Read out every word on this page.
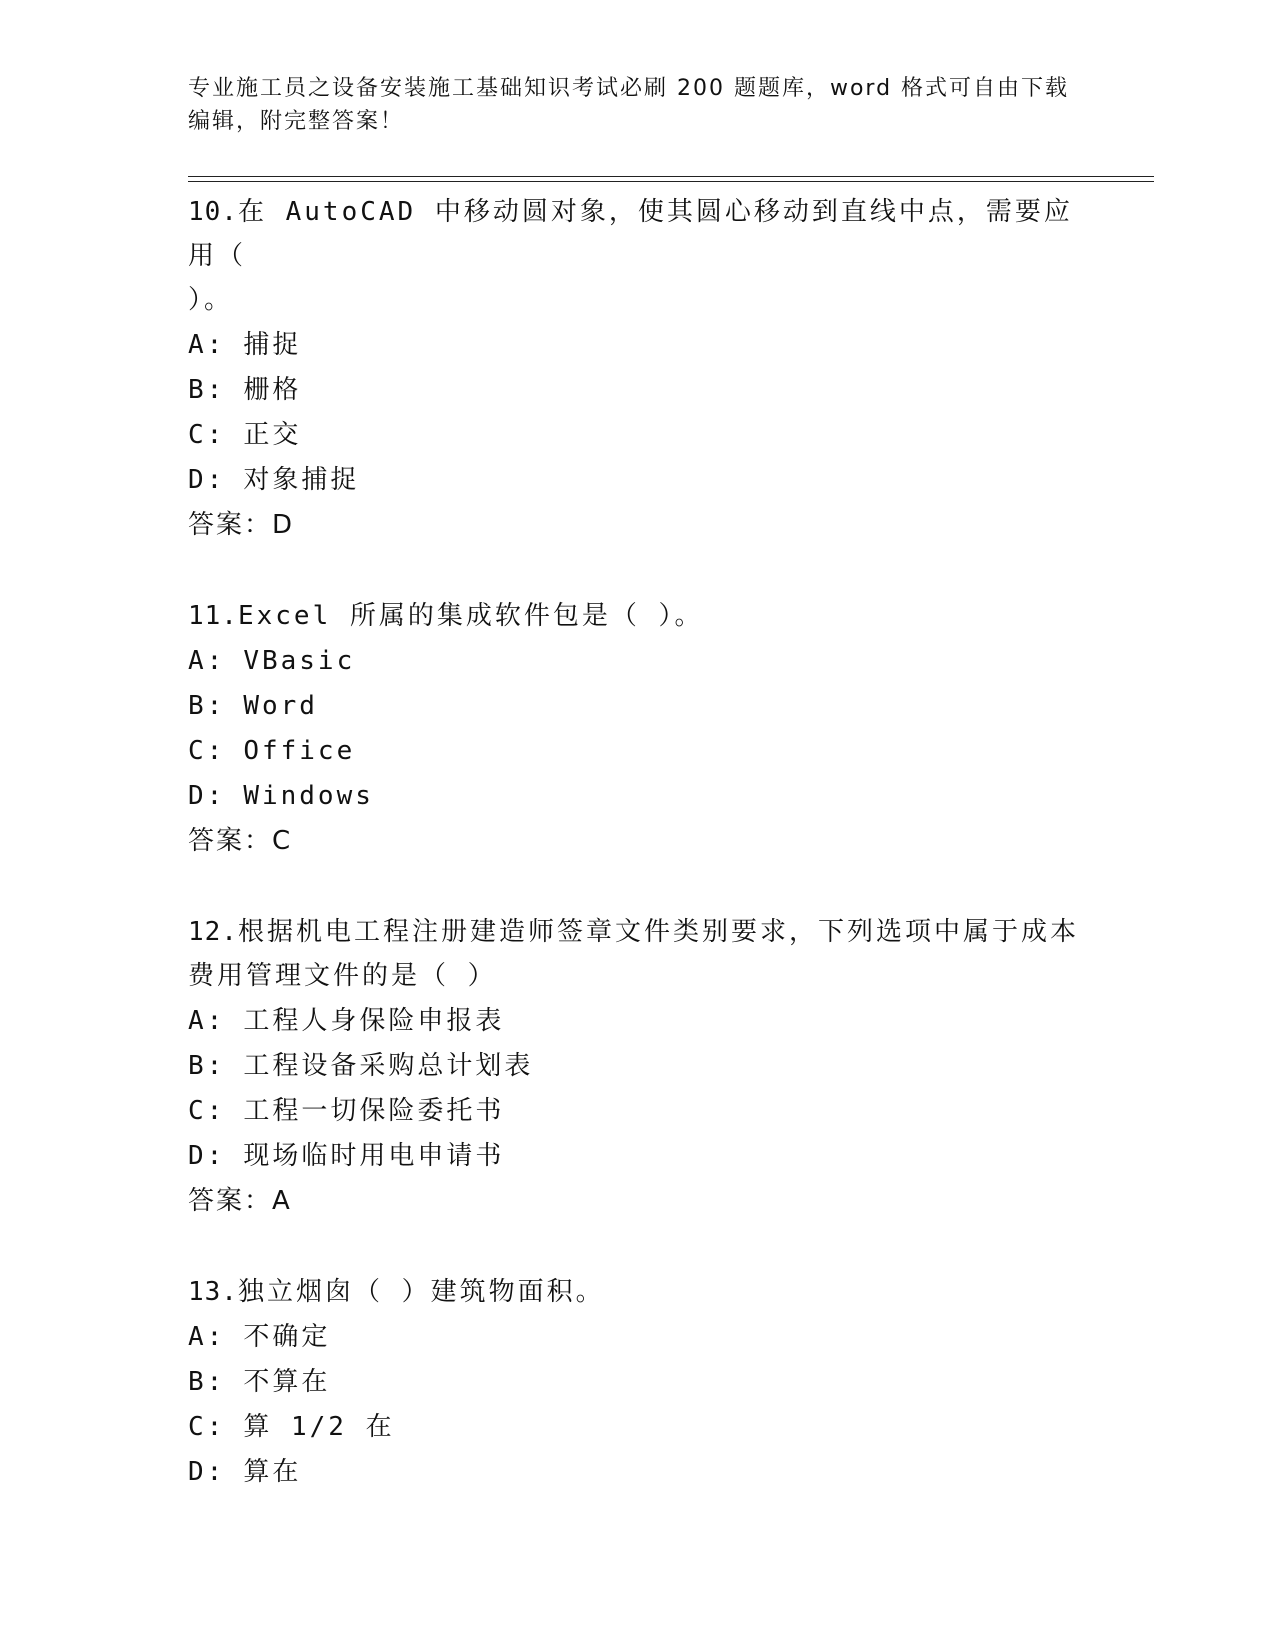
专业施工员之设备安装施工基础知识考试必刷 200 题题库，word 格式可自由下载
编辑，附完整答案！
10.在 AutoCAD 中移动圆对象，使其圆心移动到直线中点，需要应用（
）。
A: 捕捉
B: 栅格
C: 正交
D: 对象捕捉
答案：D
11.Excel 所属的集成软件包是（ ）。
A: VBasic
B: Word
C: Office
D: Windows
答案：C
12.根据机电工程注册建造师签章文件类别要求，下列选项中属于成本
费用管理文件的是（ ）
A: 工程人身保险申报表
B: 工程设备采购总计划表
C: 工程一切保险委托书
D: 现场临时用电申请书
答案：A
13.独立烟囱（ ）建筑物面积。
A: 不确定
B: 不算在
C: 算 1/2 在
D: 算在
